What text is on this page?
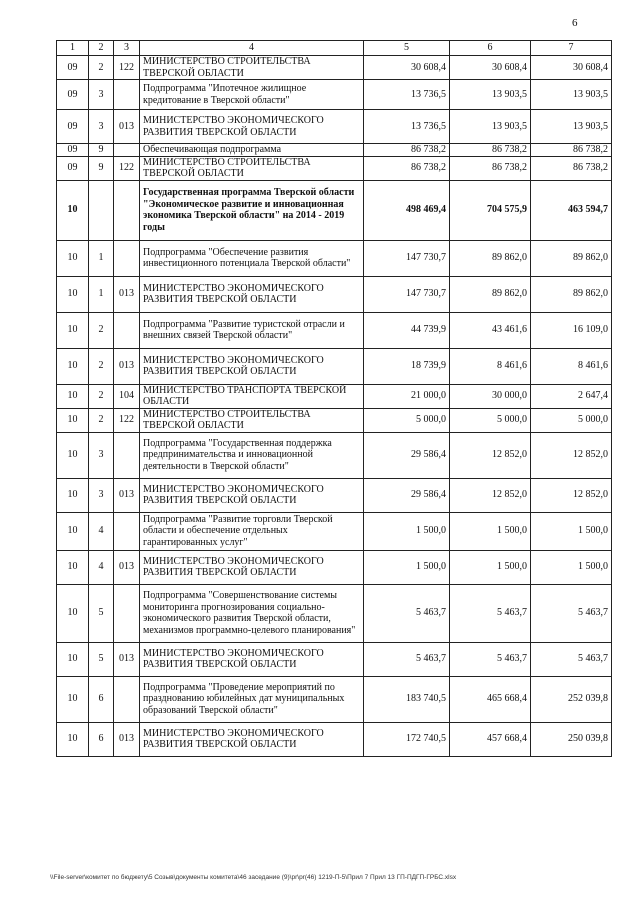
6
1	2	3	4	5	6	7
09	2	122	МИНИСТЕРСТВО СТРОИТЕЛЬСТВА ТВЕРСКОЙ ОБЛАСТИ	30 608,4	30 608,4	30 608,4
09	3		Подпрограмма "Ипотечное жилищное кредитование в Тверской области"	13 736,5	13 903,5	13 903,5
09	3	013	МИНИСТЕРСТВО ЭКОНОМИЧЕСКОГО РАЗВИТИЯ ТВЕРСКОЙ ОБЛАСТИ	13 736,5	13 903,5	13 903,5
09	9		Обеспечивающая подпрограмма	86 738,2	86 738,2	86 738,2
09	9	122	МИНИСТЕРСТВО СТРОИТЕЛЬСТВА ТВЕРСКОЙ ОБЛАСТИ	86 738,2	86 738,2	86 738,2
10			Государственная программа Тверской области "Экономическое развитие и инновационная экономика Тверской области" на 2014 - 2019 годы	498 469,4	704 575,9	463 594,7
10	1		Подпрограмма "Обеспечение развития инвестиционного потенциала Тверской области"	147 730,7	89 862,0	89 862,0
10	1	013	МИНИСТЕРСТВО ЭКОНОМИЧЕСКОГО РАЗВИТИЯ ТВЕРСКОЙ ОБЛАСТИ	147 730,7	89 862,0	89 862,0
10	2		Подпрограмма "Развитие туристской отрасли и внешних связей Тверской области"	44 739,9	43 461,6	16 109,0
10	2	013	МИНИСТЕРСТВО ЭКОНОМИЧЕСКОГО РАЗВИТИЯ ТВЕРСКОЙ ОБЛАСТИ	18 739,9	8 461,6	8 461,6
10	2	104	МИНИСТЕРСТВО ТРАНСПОРТА ТВЕРСКОЙ ОБЛАСТИ	21 000,0	30 000,0	2 647,4
10	2	122	МИНИСТЕРСТВО СТРОИТЕЛЬСТВА ТВЕРСКОЙ ОБЛАСТИ	5 000,0	5 000,0	5 000,0
10	3		Подпрограмма "Государственная поддержка предпринимательства и инновационной деятельности в Тверской области"	29 586,4	12 852,0	12 852,0
10	3	013	МИНИСТЕРСТВО ЭКОНОМИЧЕСКОГО РАЗВИТИЯ ТВЕРСКОЙ ОБЛАСТИ	29 586,4	12 852,0	12 852,0
10	4		Подпрограмма "Развитие торговли Тверской области и обеспечение отдельных гарантированных услуг"	1 500,0	1 500,0	1 500,0
10	4	013	МИНИСТЕРСТВО ЭКОНОМИЧЕСКОГО РАЗВИТИЯ ТВЕРСКОЙ ОБЛАСТИ	1 500,0	1 500,0	1 500,0
10	5		Подпрограмма "Совершенствование системы мониторинга прогнозирования социально-экономического развития Тверской области, механизмов программно-целевого планирования"	5 463,7	5 463,7	5 463,7
10	5	013	МИНИСТЕРСТВО ЭКОНОМИЧЕСКОГО РАЗВИТИЯ ТВЕРСКОЙ ОБЛАСТИ	5 463,7	5 463,7	5 463,7
10	6		Подпрограмма "Проведение мероприятий по празднованию юбилейных дат муниципальных образований Тверской области"	183 740,5	465 668,4	252 039,8
10	6	013	МИНИСТЕРСТВО ЭКОНОМИЧЕСКОГО РАЗВИТИЯ ТВЕРСКОЙ ОБЛАСТИ	172 740,5	457 668,4	250 039,8
\\File-server\комитет по бюджету\5 Созыв\документы комитета\46 заседание (9)\pr\pr(46) 1219-П-5\Прил 7 Прил 13 ГП-ПДГП-ГРБС.xlsx
